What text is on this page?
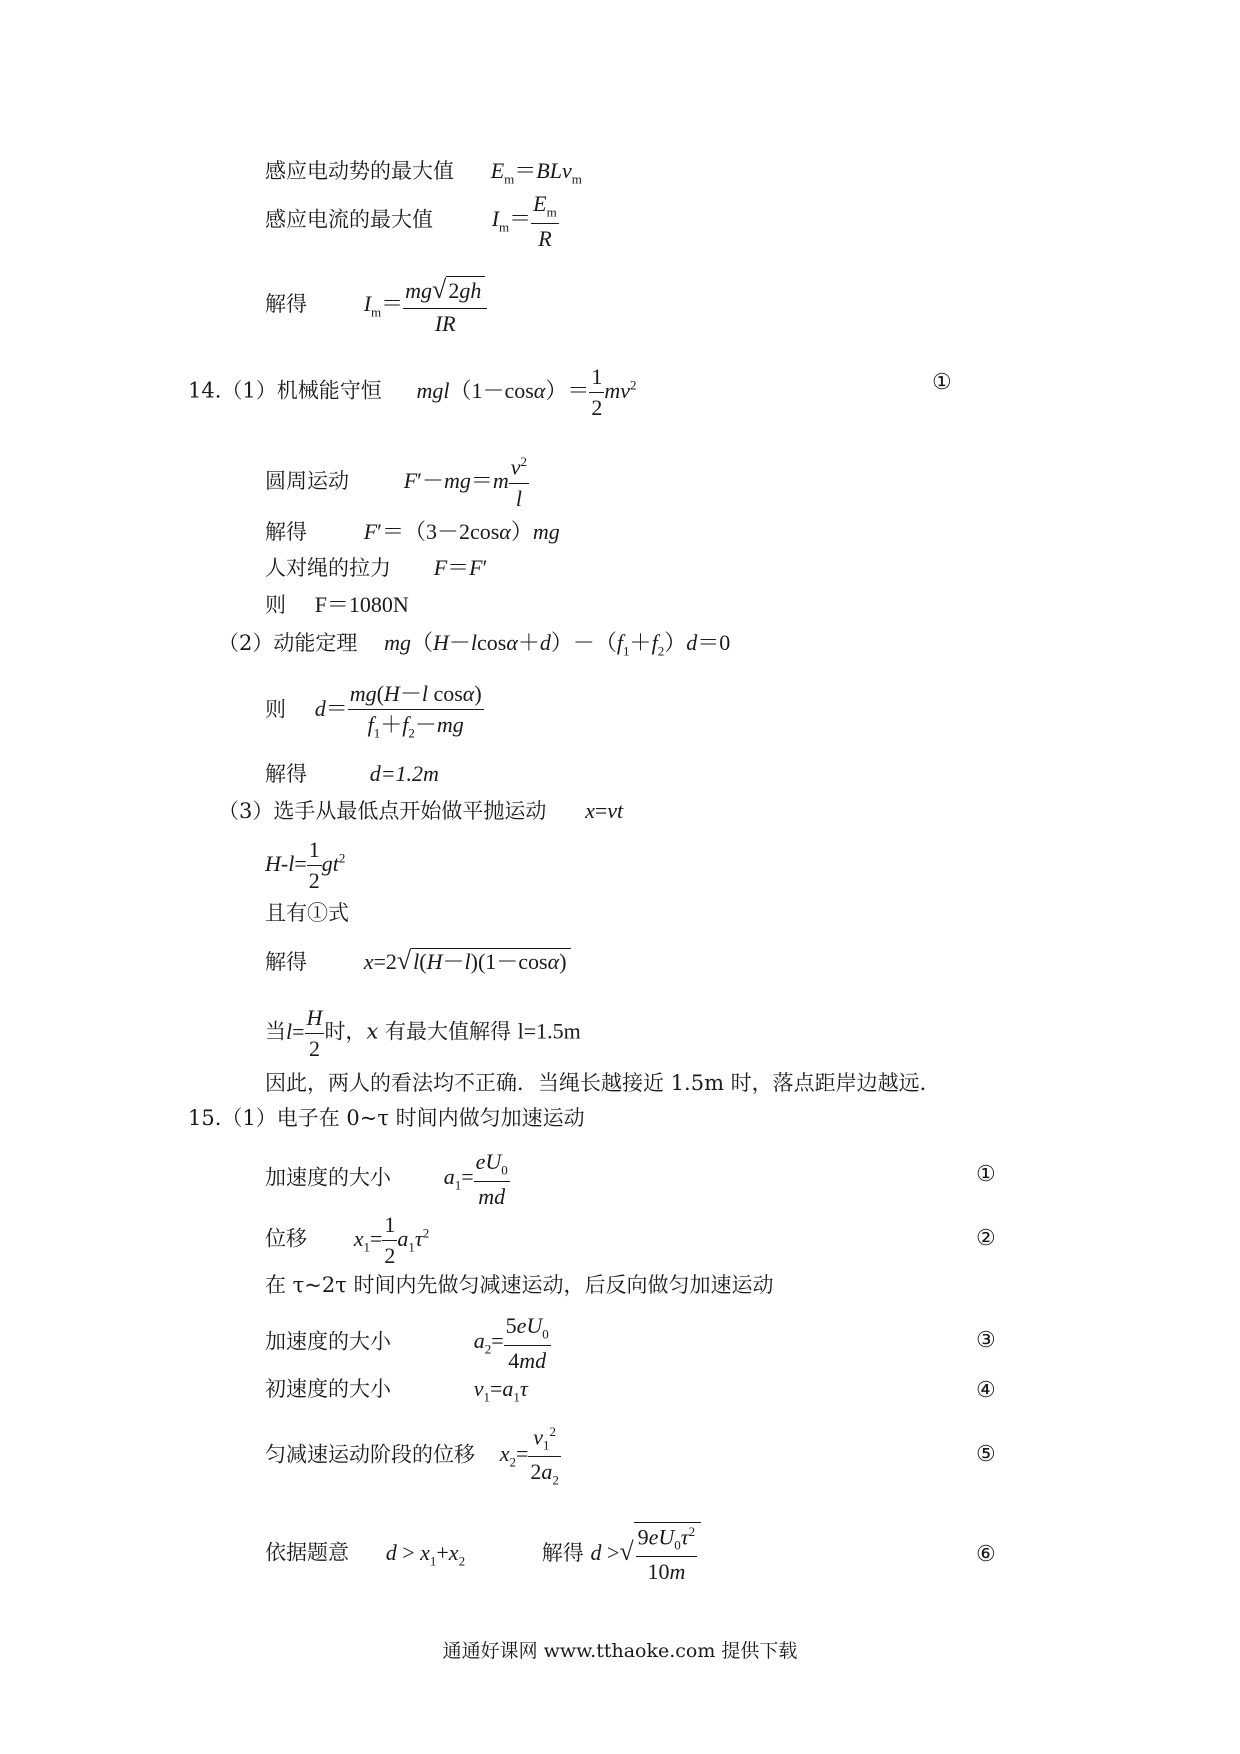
感应电动势的最大值 $E_m=BLv_m$
感应电流的最大值	$I_m= \frac{E_m}{R}$
解得	$I_m= \frac{mg√2gh}{IR}$
14.（1）机械能守恒 $mgl(1-\cos\alpha)= \frac{1}{2} mv^2$	①
圆周运动 $F'-mg=m \frac{v^2}{l}$
解得	F′＝（3－2cosα）mg
人对绳的拉力 F＝F′
则 F＝1080N
（2）动能定理 $mg(H-lcos\alpha+d)-(f_1+f_2)d=0$
则 $d= \frac{\text{mg(H－l cosα)}}{f_1+f_2-mg}$
解得	d=1.2m
（3）选手从最低点开始做平抛运动 x=vt
$H-l= \frac{1}{2} gt^2$
且有①式
解得	x=2√l(H－l)(1－cosα)
当$l= \frac{H}{2}$ 时，x 有最大值解得 l=1.5m
因此，两人的看法均不正确．当绳长越接近 1.5m 时，落点距岸边越远．
15.（1）电子在 0~τ 时间内做匀加速运动
加速度的大小 $a_1= \frac{eU_0}{md}$	①
位移 $x_1= \frac{1}{2} a_1\tau^2$	②
在 τ~2τ 时间内先做匀减速运动，后反向做匀加速运动
加速度的大小	$a_2= \frac{5eU_0}{4md}$	③
初速度的大小	$v_1=a_1\tau$	④
匀减速运动阶段的位移 $x_2= \frac{v_1^2}{2a_2}$	⑤
依据题意 $d > x_1+x_2$	解得 d >√ $\frac{9eU_0\tau^2}{10m}$	⑥
通通好课网 www.tthaoke.com 提供下载
